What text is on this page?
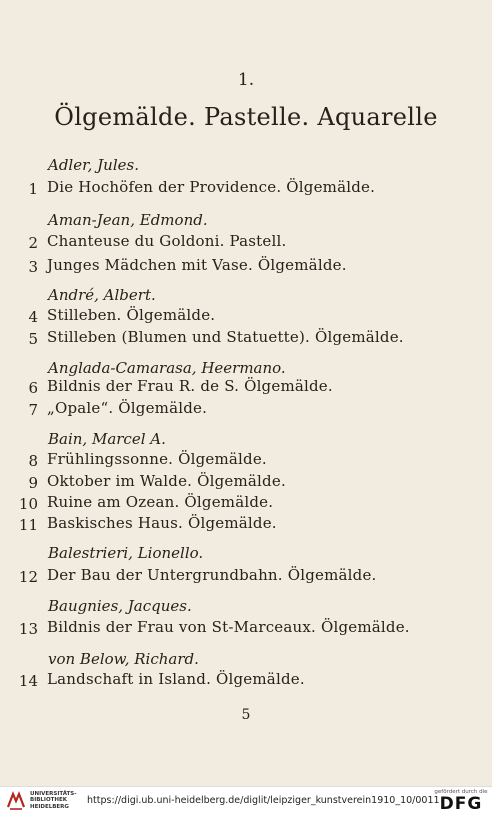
1.
Ölgemälde. Pastelle. Aquarelle
Adler, Jules.
1 Die Hochöfen der Providence. Ölgemälde.
Aman-Jean, Edmond.
2 Chanteuse du Goldoni. Pastell.
3 Junges Mädchen mit Vase. Ölgemälde.
André, Albert.
4 Stilleben. Ölgemälde.
5 Stilleben (Blumen und Statuette). Ölgemälde.
Anglada-Camarasa, Heermano.
6 Bildnis der Frau R. de S. Ölgemälde.
7 „Opale“. Ölgemälde.
Bain, Marcel A.
8 Frühlingssonne. Ölgemälde.
9 Oktober im Walde. Ölgemälde.
10 Ruine am Ozean. Ölgemälde.
11 Baskisches Haus. Ölgemälde.
Balestrieri, Lionello.
12 Der Bau der Untergrundbahn. Ölgemälde.
Baugnies, Jacques.
13 Bildnis der Frau von St-Marceaux. Ölgemälde.
von Below, Richard.
14 Landschaft in Island. Ölgemälde.
5
UNIVERSITÄTS-
BIBLIOTHEK
HEIDELBERG
https://digi.ub.uni-heidelberg.de/diglit/leipziger_kunstverein1910_10/0011
gefördert durch die
DFG
